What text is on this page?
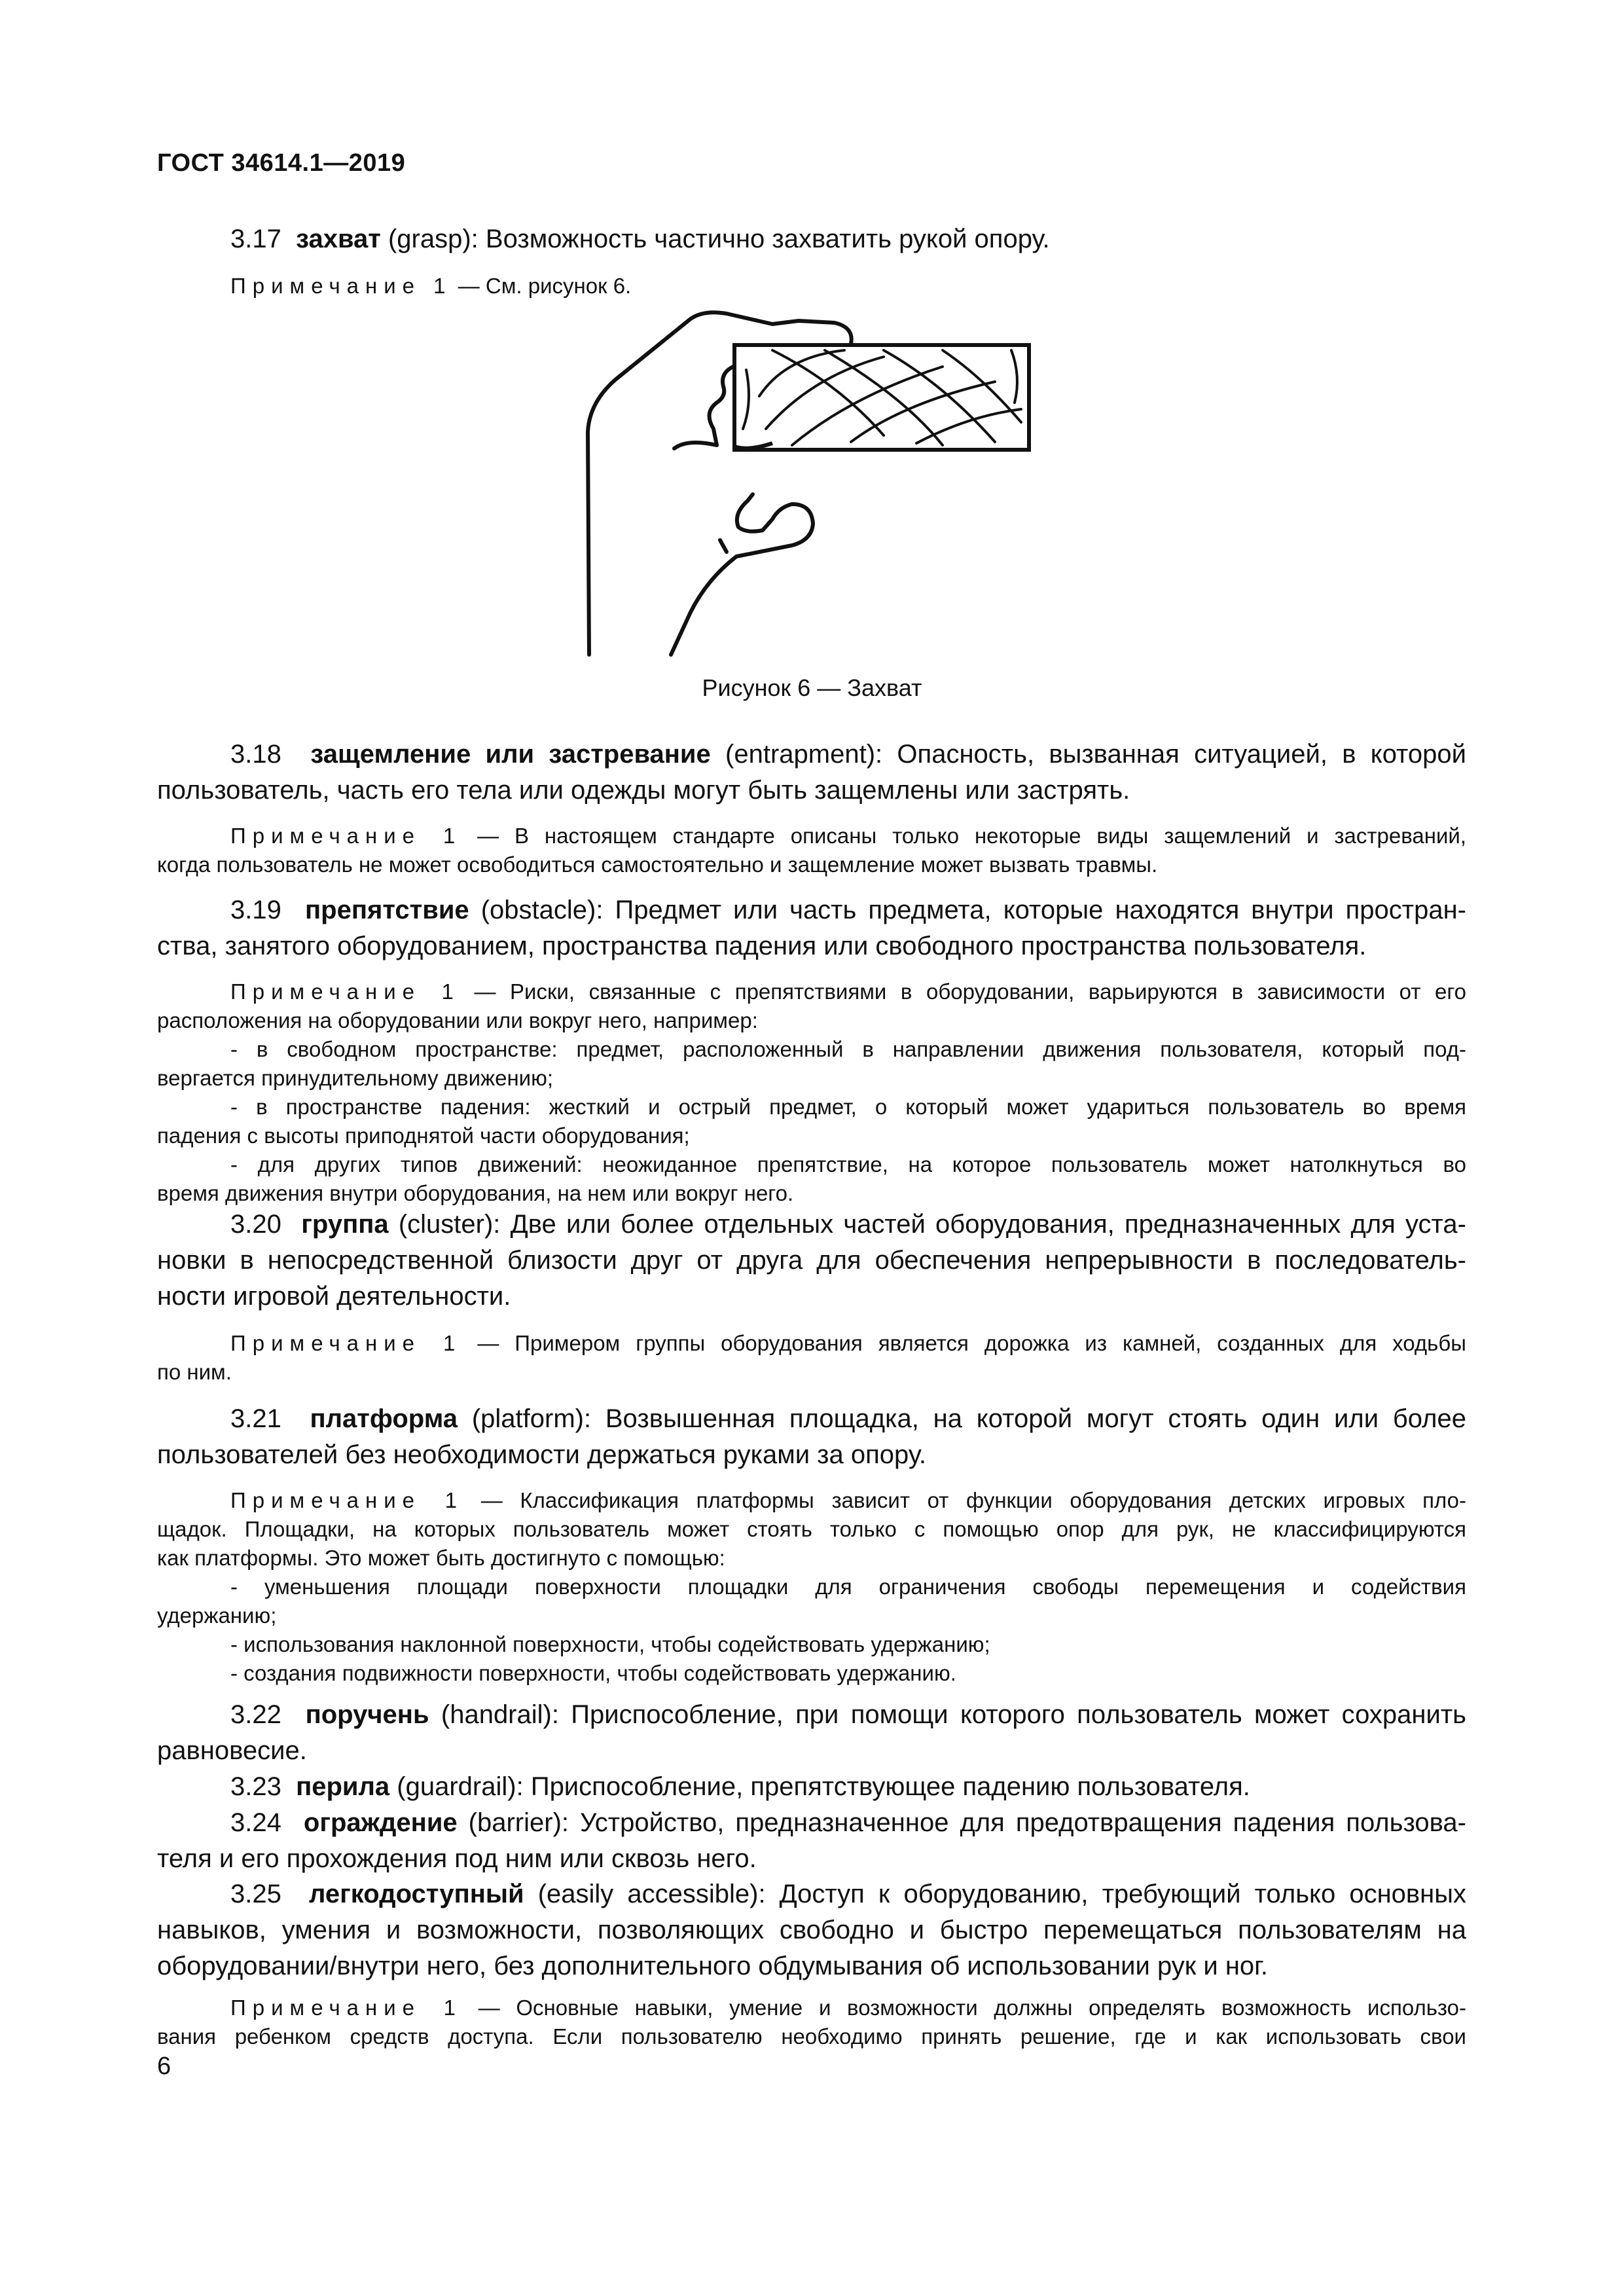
ГОСТ 34614.1—2019
3.17 захват (grasp): Возможность частично захватить рукой опору.
Примечание 1 — См. рисунок 6.
Рисунок 6 — Захват
3.18 защемление или застревание (entrapment): Опасность, вызванная ситуацией, в которой
пользователь, часть его тела или одежды могут быть защемлены или застрять.
Примечание 1 — В настоящем стандарте описаны только некоторые виды защемлений и застреваний,
когда пользователь не может освободиться самостоятельно и защемление может вызвать травмы.
3.19 препятствие (obstacle): Предмет или часть предмета, которые находятся внутри простран-
ства, занятого оборудованием, пространства падения или свободного пространства пользователя.
Примечание 1 — Риски, связанные с препятствиями в оборудовании, варьируются в зависимости от его
расположения на оборудовании или вокруг него, например:
- в свободном пространстве: предмет, расположенный в направлении движения пользователя, который под-
вергается принудительному движению;
- в пространстве падения: жесткий и острый предмет, о который может удариться пользователь во время
падения с высоты приподнятой части оборудования;
- для других типов движений: неожиданное препятствие, на которое пользователь может натолкнуться во
время движения внутри оборудования, на нем или вокруг него.
3.20 группа (cluster): Две или более отдельных частей оборудования, предназначенных для уста-
новки в непосредственной близости друг от друга для обеспечения непрерывности в последователь-
ности игровой деятельности.
Примечание 1 — Примером группы оборудования является дорожка из камней, созданных для ходьбы
по ним.
3.21 платформа (platform): Возвышенная площадка, на которой могут стоять один или более
пользователей без необходимости держаться руками за опору.
Примечание 1 — Классификация платформы зависит от функции оборудования детских игровых пло-
щадок. Площадки, на которых пользователь может стоять только с помощью опор для рук, не классифицируются
как платформы. Это может быть достигнуто с помощью:
- уменьшения площади поверхности площадки для ограничения свободы перемещения и содействия
удержанию;
- использования наклонной поверхности, чтобы содействовать удержанию;
- создания подвижности поверхности, чтобы содействовать удержанию.
3.22 поручень (handrail): Приспособление, при помощи которого пользователь может сохранить
равновесие.
3.23 перила (guardrail): Приспособление, препятствующее падению пользователя.
3.24 ограждение (barrier): Устройство, предназначенное для предотвращения падения пользова-
теля и его прохождения под ним или сквозь него.
3.25 легкодоступный (easily accessible): Доступ к оборудованию, требующий только основных
навыков, умения и возможности, позволяющих свободно и быстро перемещаться пользователям на
оборудовании/внутри него, без дополнительного обдумывания об использовании рук и ног.
Примечание 1 — Основные навыки, умение и возможности должны определять возможность использо-
вания ребенком средств доступа. Если пользователю необходимо принять решение, где и как использовать свои
6
